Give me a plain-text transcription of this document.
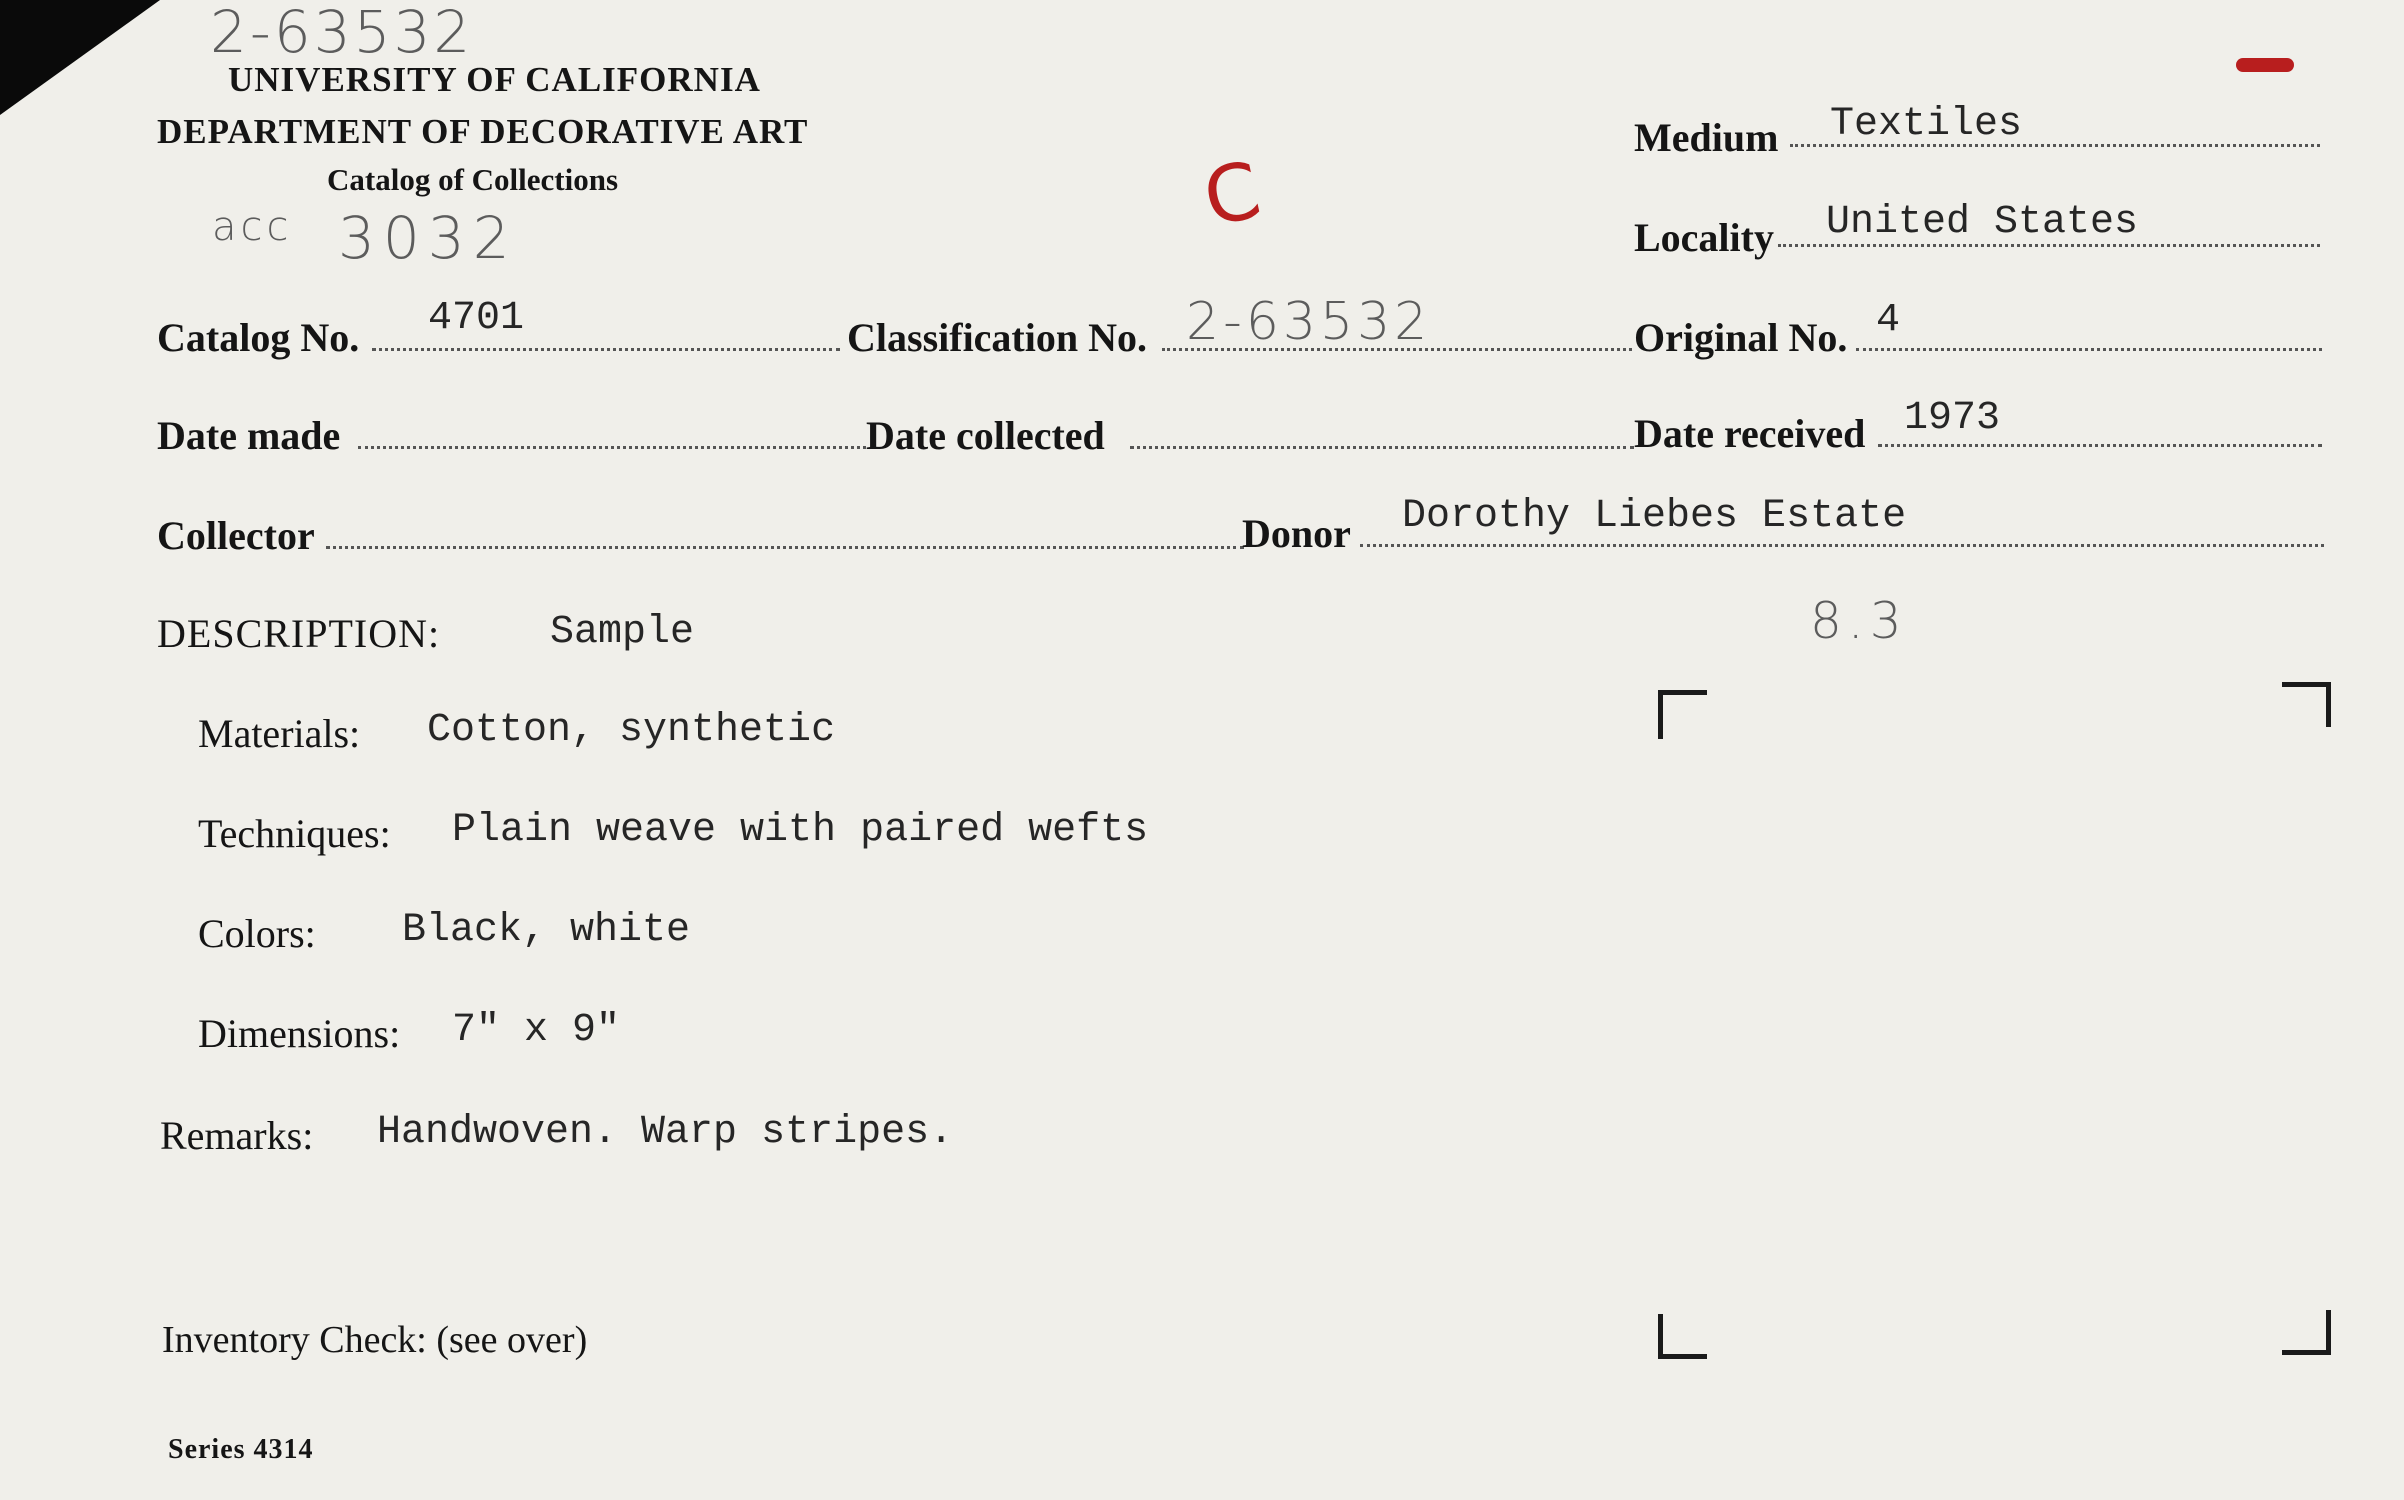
2-63532
UNIVERSITY OF CALIFORNIA
DEPARTMENT OF DECORATIVE ART
Catalog of Collections
acc 3032	C
Medium Textiles
Locality United States
Catalog No. 4701	Classification No. 2-63532	Original No. 4
Date made	Date collected	Date received 1973
Collector	Donor Dorothy Liebes Estate
8.3
DESCRIPTION:	Sample
Materials: Cotton, synthetic
Techniques: Plain weave with paired wefts
Colors: Black, white
Dimensions: 7" x 9"
Remarks: Handwoven. Warp stripes.
Inventory Check: (see over)
Series 4314
